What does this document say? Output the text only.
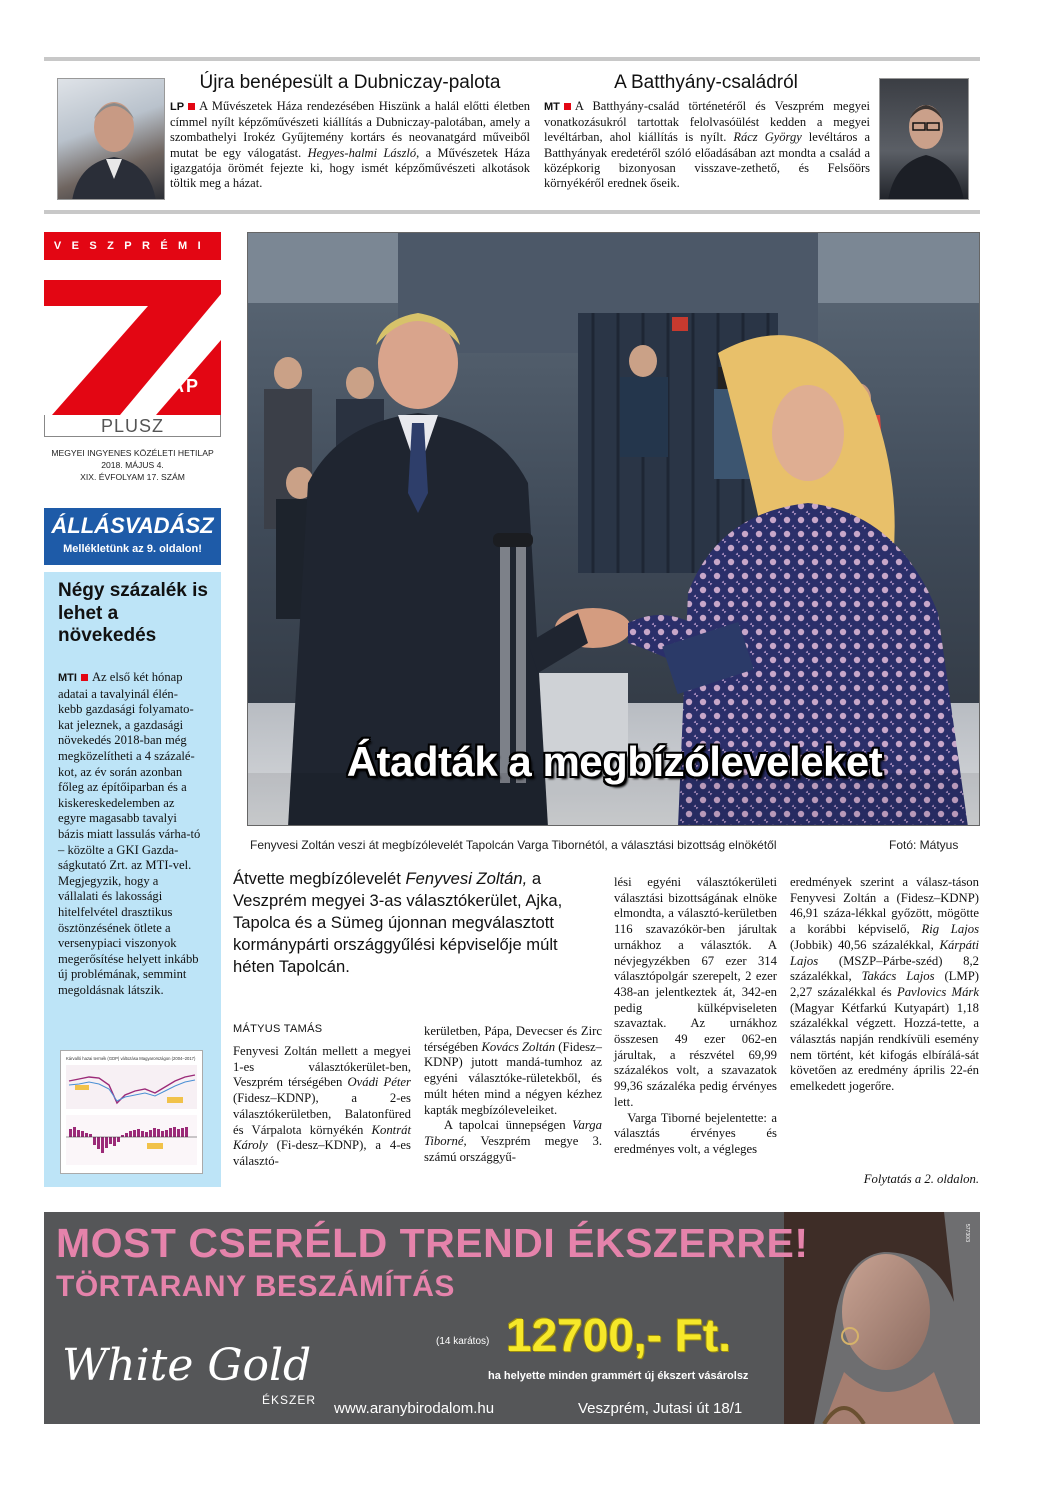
Újra benépesült a Dubniczay-palota
LP A Művészetek Háza rendezésében Hiszünk a halál előtti életben címmel nyílt képzőművészeti kiállítás a Dubniczay-palotában, amely a szombathelyi Irokéz Gyűjtemény kortárs és neovanatgárd műveiből mutat be egy válogatást. Hegyes-halmi László, a Művészetek Háza igazgatója örömét fejezte ki, hogy ismét képzőművészeti alkotások töltik meg a házat.
A Batthyány-családról
MT A Batthyány-család történetéről és Veszprém megyei vonatkozásukról tartottak felolvasóülést kedden a megyei levéltárban, ahol kiállítás is nyílt. Rácz György levéltáros a Batthyányak eredetéről szóló előadásában azt mondta a család a középkorig bizonyosan visszave-zethető, és Felsőörs környékéről erednek őseik.
VESZPRÉMI
NAP
PLUSZ
MEGYEI INGYENES KÖZÉLETI HETILAP
2018. MÁJUS 4.
XIX. ÉVFOLYAM 17. SZÁM
ÁLLÁSVADÁSZ
Mellékletünk az 9. oldalon!
Négy százalék is lehet a növekedés
MTI Az első két hónap adatai a tavalyinál élén-kebb gazdasági folyamato-kat jeleznek, a gazdasági növekedés 2018-ban még megközelítheti a 4 százalé-kot, az év során azonban főleg az építőiparban és a kiskereskedelemben az egyre magasabb tavalyi bázis miatt lassulás várha-tó – közölte a GKI Gazda-ságkutató Zrt. az MTI-vel. Megjegyzik, hogy a vállalati és lakossági hitelfelvétel drasztikus ösztönzésének ötlete a versenypiaci viszonyok megerősítése helyett inkább új problémának, semmint megoldásnak látszik.
Kárvalló hazai termék (GDP) változása Magyarországon (2004–2017)
Átadták a megbízóleveleket
Fenyvesi Zoltán veszi át megbízólevelét Tapolcán Varga Tibornétól, a választási bizottság elnökétől	Fotó: Mátyus
Átvette megbízólevelét Fenyvesi Zoltán, a Veszprém megyei 3-as választókerület, Ajka, Tapolca és a Sümeg újonnan megválasztott kormánypárti országgyűlési képviselője múlt héten Tapolcán.
MÁTYUS TAMÁS
Fenyvesi Zoltán mellett a megyei 1-es választókerület-ben, Veszprém térségében Ovádi Péter (Fidesz–KDNP), a 2-es választókerületben, Balatonfüred és Várpalota környékén Kontrát Károly (Fi-desz–KDNP), a 4-es választó-
kerületben, Pápa, Devecser és Zirc térségében Kovács Zoltán (Fidesz–KDNP) jutott mandá-tumhoz az egyéni választóke-rületekből, és múlt héten mind a négyen kézhez kapták megbízóleveleiket.
A tapolcai ünnepségen Varga Tiborné, Veszprém megye 3. számú országgyű-
lési egyéni választókerületi választási bizottságának elnöke elmondta, a választó-kerületben 116 szavazókör-ben járultak urnákhoz a választók. A névjegyzékben 67 ezer 314 választópolgár szerepelt, 2 ezer 438-an jelentkeztek át, 342-en pedig külképviseleten szavaztak. Az urnákhoz összesen 49 ezer 062-en járultak, a részvétel 69,99 százalékos volt, a szavazatok 99,36 százaléka pedig érvényes lett.
Varga Tiborné bejelentette: a választás érvényes és eredményes volt, a végleges
eredmények szerint a válasz-táson Fenyvesi Zoltán a (Fidesz–KDNP) 46,91 száza-lékkal győzött, mögötte a korábbi képviselő, Rig Lajos (Jobbik) 40,56 százalékkal, Kárpáti Lajos (MSZP–Párbe-széd) 8,2 százalékkal, Takács Lajos (LMP) 2,27 százalékkal és Pavlovics Márk (Magyar Kétfarkú Kutyapárt) 1,18 százalékkal végzett. Hozzá-tette, a választás napján rendkívüli esemény nem történt, két kifogás elbírálá-sát követően az eredmény április 22-én emelkedett jogerőre.
Folytatás a 2. oldalon.
57730/3
MOST CSERÉLD TRENDI ÉKSZERRE!
TÖRTARANY BESZÁMÍTÁS
(14 karátos) 12700,- Ft.
ha helyette minden grammért új ékszert vásárolsz
White Gold
ÉKSZER www.aranybirodalom.hu	Veszprém, Jutasi út 18/1
